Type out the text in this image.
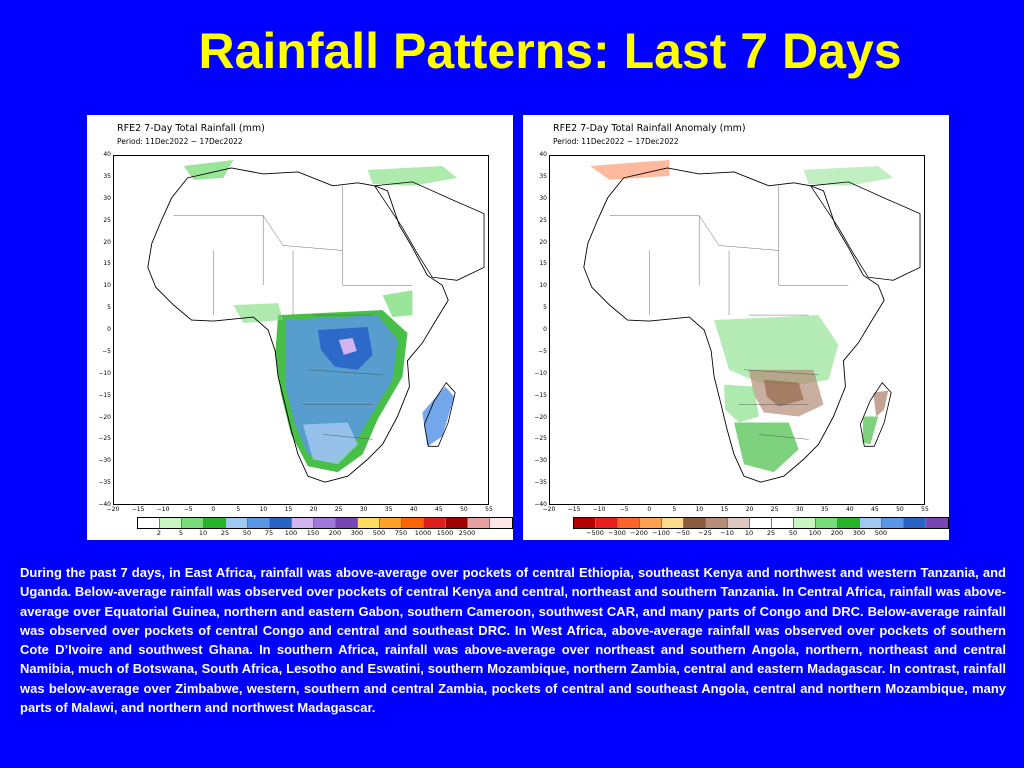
Rainfall Patterns: Last 7 Days
RFE2 7-Day Total Rainfall (mm)
Period: 11Dec2022 − 17Dec2022
40
35
30
25
20
15
10
5
0
−5
−10
−15
−20
−25
−30
−35
−40
−20	−15	−10	−5	0	5	10	15	20	25	30	35	40	45	50	55
2	5	10	25	50	75	100	150	200	300	500	750	1000 1500 2500
RFE2 7-Day Total Rainfall Anomaly (mm)
Period: 11Dec2022 − 17Dec2022
40
35
30
25
20
15
10
5
0
−5
−10
−15
−20
−25
−30
−35
−40
−20	−15	−10	−5	0	5	10	15	20	25	30	35	40	45	50	55
−500 −300 −200 −100 −50	−25	−10	10	25	50	100	200	300	500
During the past 7 days, in East Africa, rainfall was above-average over pockets of central Ethiopia, southeast Kenya and northwest and western Tanzania, and Uganda. Below-average rainfall was observed over pockets of central Kenya and central, northeast and southern Tanzania. In Central Africa, rainfall was above-average over Equatorial Guinea, northern and eastern Gabon, southern Cameroon, southwest CAR, and many parts of Congo and DRC. Below-average rainfall was observed over pockets of central Congo and central and southeast DRC. In West Africa, above-average rainfall was observed over pockets of southern Cote D’Ivoire and southwest Ghana. In southern Africa, rainfall was above-average over northeast and southern Angola, northern, northeast and central Namibia, much of Botswana, South Africa, Lesotho and Eswatini, southern Mozambique, northern Zambia, central and eastern Madagascar. In contrast, rainfall was below-average over Zimbabwe, western, southern and central Zambia, pockets of central and southeast Angola, central and northern Mozambique, many parts of Malawi, and northern and northwest Madagascar.
